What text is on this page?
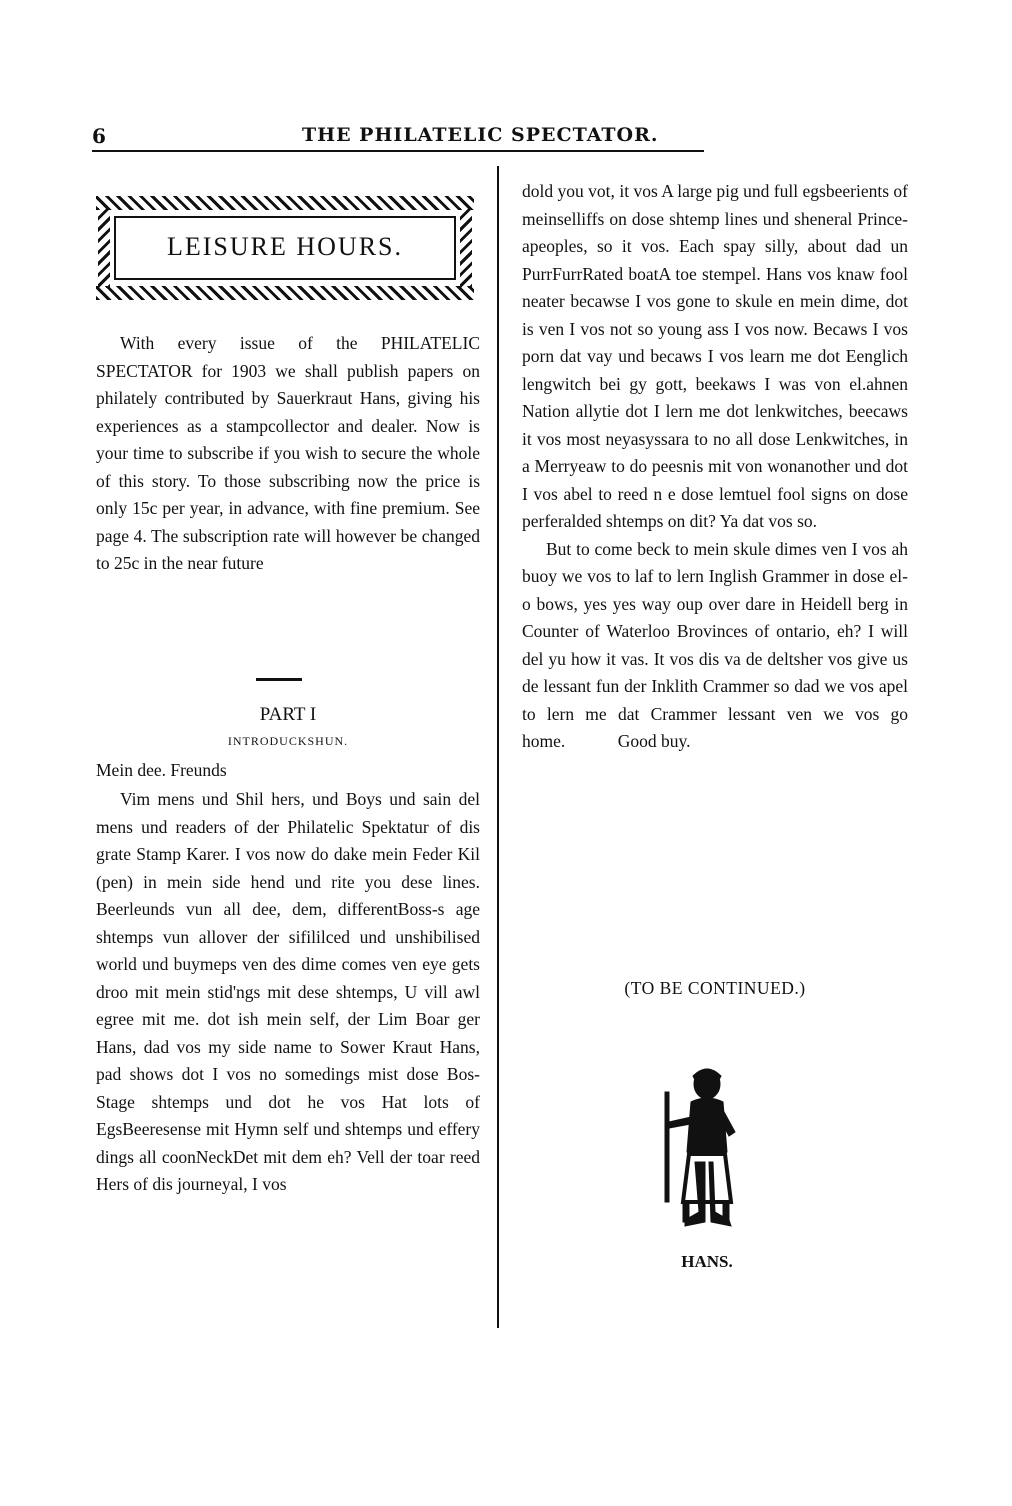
6	THE PHILATELIC SPECTATOR.
LEISURE HOURS.

With every issue of the PHILATELIC SPECTATOR for 1903 we shall publish papers on philately contributed by Sauerkraut Hans, giving his experiences as a stampcollector and dealer. Now is your time to subscribe if you wish to secure the whole of this story. To those subscribing now the price is only 15c per year, in advance, with fine premium. See page 4. The subscription rate will however be changed to 25c in the near future

PART I
INTRODUCKSHUN.
Mein dee. Freunds

Vim mens und Shil hers, und Boys und sain del mens und readers of der Philatelic Spektatur of dis grate Stamp Karer. I vos now do dake mein Feder Kil (pen) in mein side hend und rite you dese lines. Beerleunds vun all dee, dem, differentBoss-s age shtemps vun allover der sifililced und unshibilised world und buymeps ven des dime comes ven eye gets droo mit mein stid'ngs mit dese shtemps, U vill awl egree mit me. dot ish mein self, der Lim Boar ger Hans, dad vos my side name to Sower Kraut Hans, pad shows dot I vos no somedings mist dose Bos-Stage shtemps und dot he vos Hat lots of EgsBeeresense mit Hymn self und shtemps und effery dings all coonNeckDet mit dem eh? Vell der toar reed Hers of dis journeyal, I vos

dold you vot, it vos A large pig und full egsbeerients of meinselliffs on dose shtemp lines und sheneral Prince-apeoples, so it vos. Each spay silly, about dad un PurrFurrRated boatA toe stempel. Hans vos knaw fool neater becawse I vos gone to skule en mein dime, dot is ven I vos not so young ass I vos now. Becaws I vos porn dat vay und becaws I vos learn me dot Eenglich lengwitch bei gy gott, beekaws I was von el.ahnen Nation allytie dot I lern me dot lenkwitches, beecaws it vos most neyasyssara to no all dose Lenkwitches, in a Merryeaw to do peesnis mit von wonanother und dot I vos abel to reed n e dose lemtuel fool signs on dose perferalded shtemps on dit? Ya dat vos so.

But to come beck to mein skule dimes ven I vos ah buoy we vos to laf to lern Inglish Grammer in dose el-o bows, yes yes way oup over dare in Heidell berg in Counter of Waterloo Brovinces of ontario, eh? I will del yu how it vas. It vos dis va de deltsher vos give us de lessant fun der Inklith Crammer so dad we vos apel to lern me dat Crammer lessant ven we vos go home.	Good buy.

(TO BE CONTINUED.)
HANS.
